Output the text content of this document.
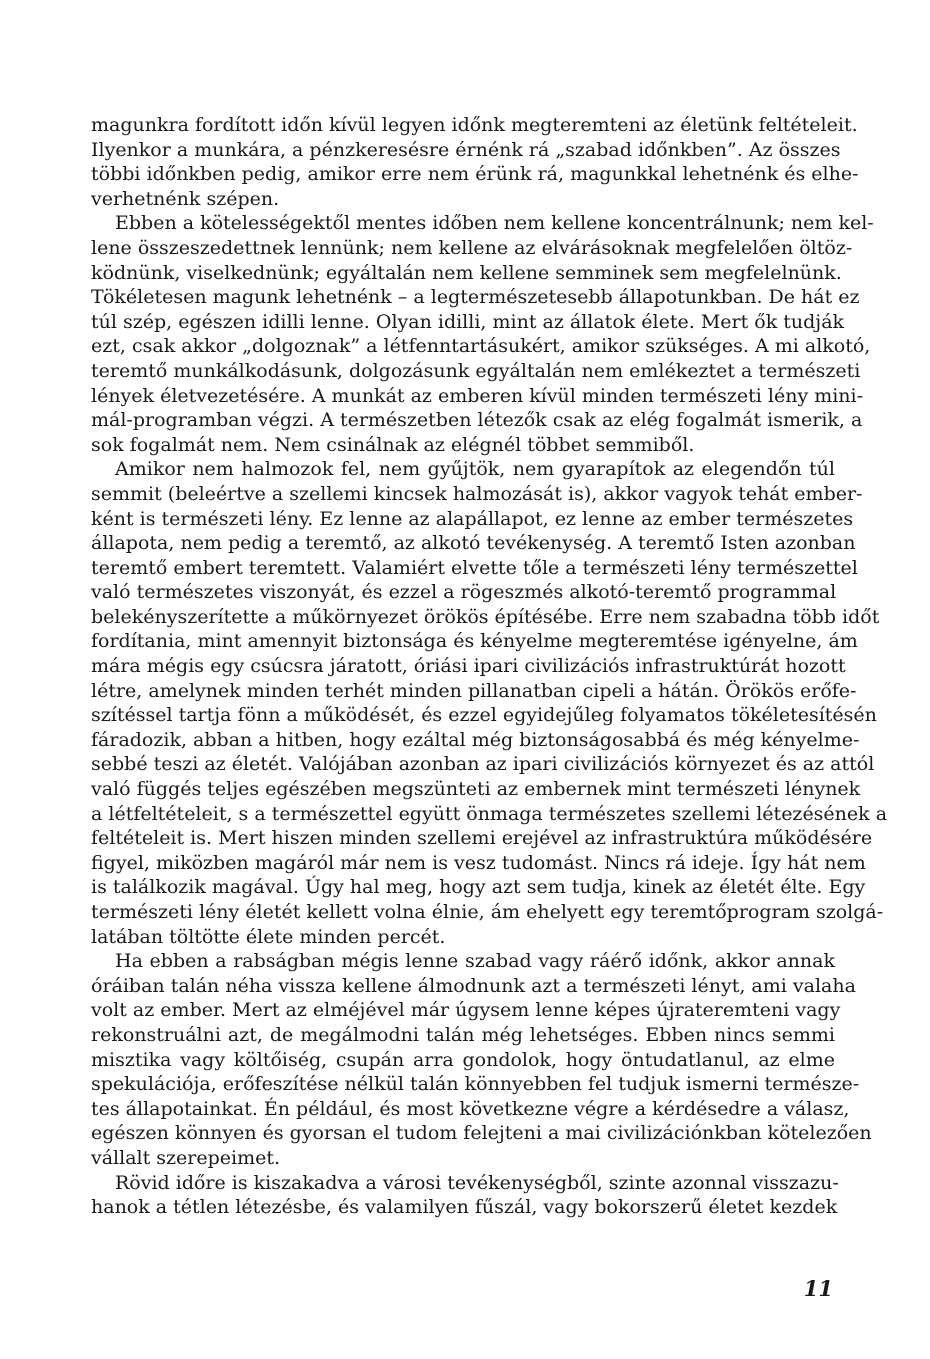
magunkra fordított időn kívül legyen időnk megteremteni az életünk feltételeit.
Ilyenkor a munkára, a pénzkeresésre érnénk rá „szabad időnkben”. Az összes
többi időnkben pedig, amikor erre nem érünk rá, magunkkal lehetnénk és elhe-
verhetnénk szépen.
Ebben a kötelességektől mentes időben nem kellene koncentrálnunk; nem kel-
lene összeszedettnek lennünk; nem kellene az elvárásoknak megfelelően öltöz-
ködnünk, viselkednünk; egyáltalán nem kellene semminek sem megfelelnünk.
Tökéletesen magunk lehetnénk – a legtermészetesebb állapotunkban. De hát ez
túl szép, egészen idilli lenne. Olyan idilli, mint az állatok élete. Mert ők tudják
ezt, csak akkor „dolgoznak” a létfenntartásukért, amikor szükséges. A mi alkotó,
teremtő munkálkodásunk, dolgozásunk egyáltalán nem emlékeztet a természeti
lények életvezetésére. A munkát az emberen kívül minden természeti lény mini-
mál-programban végzi. A természetben létezők csak az elég fogalmát ismerik, a
sok fogalmát nem. Nem csinálnak az elégnél többet semmiből.
Amikor nem halmozok fel, nem gyűjtök, nem gyarapítok az elegendőn túl
semmit (beleértve a szellemi kincsek halmozását is), akkor vagyok tehát ember-
ként is természeti lény. Ez lenne az alapállapot, ez lenne az ember természetes
állapota, nem pedig a teremtő, az alkotó tevékenység. A teremtő Isten azonban
teremtő embert teremtett. Valamiért elvette tőle a természeti lény természettel
való természetes viszonyát, és ezzel a rögeszmés alkotó-teremtő programmal
belekényszerítette a műkörnyezet örökös építésébe. Erre nem szabadna több időt
fordítania, mint amennyit biztonsága és kényelme megteremtése igényelne, ám
mára mégis egy csúcsra járatott, óriási ipari civilizációs infrastruktúrát hozott
létre, amelynek minden terhét minden pillanatban cipeli a hátán. Örökös erőfe-
szítéssel tartja fönn a működését, és ezzel egyidejűleg folyamatos tökéletesítésén
fáradozik, abban a hitben, hogy ezáltal még biztonságosabbá és még kényelme-
sebbé teszi az életét. Valójában azonban az ipari civilizációs környezet és az attól
való függés teljes egészében megszünteti az embernek mint természeti lénynek
a létfeltételeit, s a természettel együtt önmaga természetes szellemi létezésének a
feltételeit is. Mert hiszen minden szellemi erejével az infrastruktúra működésére
figyel, miközben magáról már nem is vesz tudomást. Nincs rá ideje. Így hát nem
is találkozik magával. Úgy hal meg, hogy azt sem tudja, kinek az életét élte. Egy
természeti lény életét kellett volna élnie, ám ehelyett egy teremtőprogram szolgá-
latában töltötte élete minden percét.
Ha ebben a rabságban mégis lenne szabad vagy ráérő időnk, akkor annak
óráiban talán néha vissza kellene álmodnunk azt a természeti lényt, ami valaha
volt az ember. Mert az elméjével már úgysem lenne képes újrateremteni vagy
rekonstruálni azt, de megálmodni talán még lehetséges. Ebben nincs semmi
misztika vagy költőiség, csupán arra gondolok, hogy öntudatlanul, az elme
spekulációja, erőfeszítése nélkül talán könnyebben fel tudjuk ismerni természe-
tes állapotainkat. Én például, és most következne végre a kérdésedre a válasz,
egészen könnyen és gyorsan el tudom felejteni a mai civilizációnkban kötelezően
vállalt szerepeimet.
Rövid időre is kiszakadva a városi tevékenységből, szinte azonnal visszazu-
hanok a tétlen létezésbe, és valamilyen fűszál, vagy bokorszerű életet kezdek
11
